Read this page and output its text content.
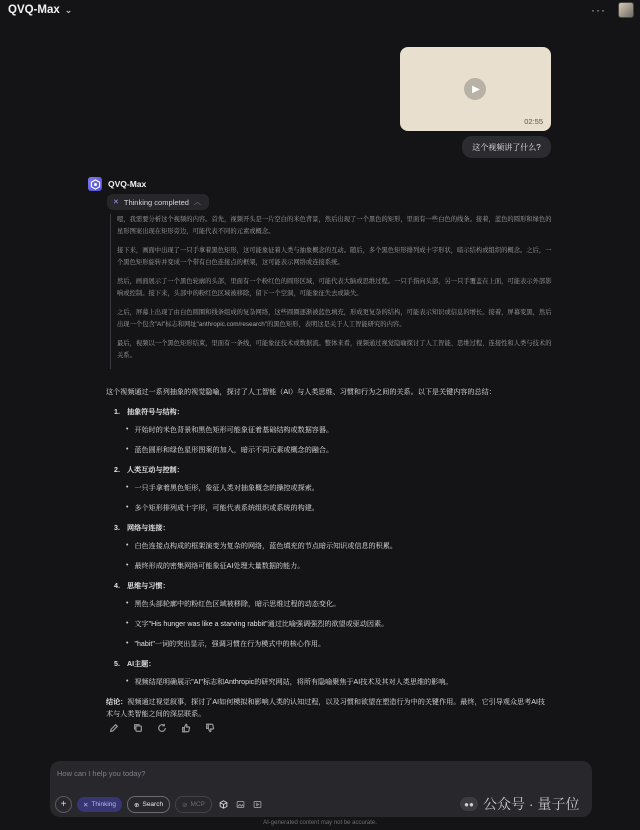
QVQ-Max ⌄	···
▶
02:55
这个视频讲了什么?
QVQ-Max
✕ Thinking completed ︿

嗯，我需要分析这个视频的内容。首先，视频开头是一片空白的米色背景，然后出现了一个黑色的矩形，里面有一些白色的线条。接着，蓝色的圆形和绿色的星形图案出现在矩形旁边，可能代表不同的元素或概念。

接下来，画面中出现了一只手拿着黑色矩形，这可能象征着人类与抽象概念的互动。随后，多个黑色矩形排列成十字形状，暗示结构或组织的概念。之后，一个黑色矩形旋转并变成一个带有白色连接点的框架，这可能表示网络或连接系统。

然后，画面展示了一个黑色轮廓的头部，里面有一个粉红色的圆形区域，可能代表大脑或思维过程。一只手指向头部，另一只手覆盖在上面，可能表示外部影响或控制。接下来，头部中的粉红色区域被移除，留下一个空洞，可能象征失去或缺失。

之后，屏幕上出现了由白色圆圈和线条组成的复杂网络，这些圆圈逐渐被蓝色填充，形成更复杂的结构，可能表示知识或信息的增长。接着，屏幕变黑，然后出现一个包含"AI"标志和网址"anthropic.com/research"的黑色矩形，表明这是关于人工智能研究的内容。

最后，视频以一个黑色矩形结束，里面有一条线，可能象征技术或数据流。整体来看，视频通过视觉隐喻探讨了人工智能、思维过程、连接性和人类与技术的关系。

这个视频通过一系列抽象的视觉隐喻，探讨了人工智能（AI）与人类思维、习惯和行为之间的关系。以下是关键内容的总结：

1. 抽象符号与结构：
• 开始时的米色背景和黑色矩形可能象征着基础结构或数据容器。
• 蓝色圆形和绿色星形图案的加入，暗示不同元素或概念的融合。
2. 人类互动与控制：
• 一只手拿着黑色矩形，象征人类对抽象概念的操控或探索。
• 多个矩形排列成十字形，可能代表系统组织或系统的构建。
3. 网络与连接：
• 白色连接点构成的框架演变为复杂的网络，蓝色填充的节点暗示知识或信息的积累。
• 最终形成的密集网络可能象征AI处理大量数据的能力。
4. 思维与习惯：
• 黑色头部轮廓中的粉红色区域被移除，暗示思维过程的动态变化。
• 文字"His hunger was like a starving rabbit"通过比喻强调强烈的欲望或驱动因素。
• "habit"一词的突出显示，强调习惯在行为模式中的核心作用。
5. AI主题：
• 视频结尾明确展示"AI"标志和Anthropic的研究网站，将所有隐喻聚焦于AI技术及其对人类思维的影响。

结论：视频通过视觉叙事，探讨了AI如何模拟和影响人类的认知过程，以及习惯和欲望在塑造行为中的关键作用。最终，它引导观众思考AI技术与人类智能之间的深层联系。

How can I help you today?
+	✕ Thinking	⊕ Search	⊘ MCP	●● 公众号 · 量子位
AI-generated content may not be accurate.
